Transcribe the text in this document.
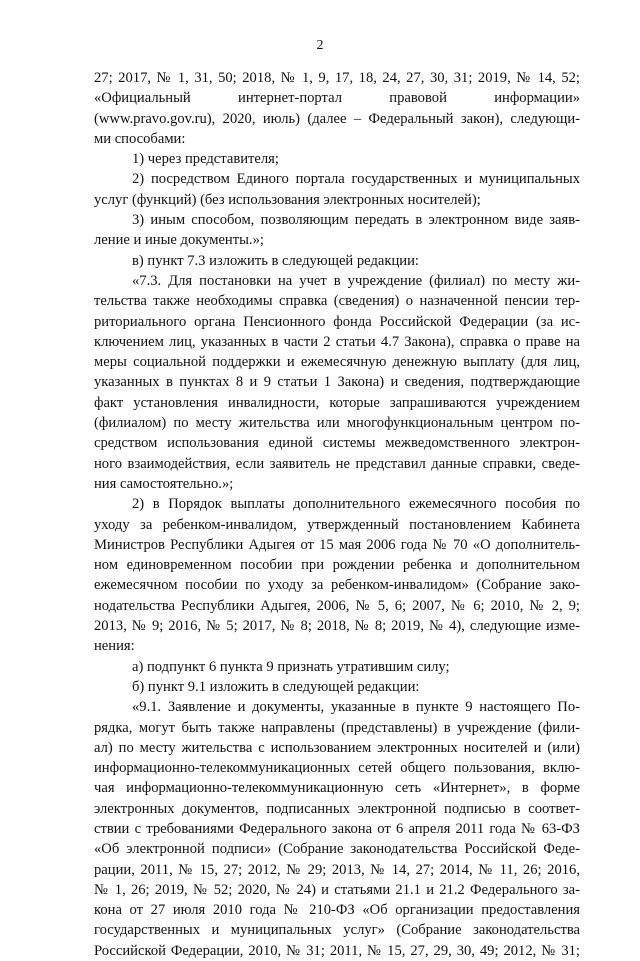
2
27; 2017, № 1, 31, 50; 2018, № 1, 9, 17, 18, 24, 27, 30, 31; 2019, № 14, 52;
«Официальный интернет-портал правовой информации»
(www.pravo.gov.ru), 2020, июль) (далее – Федеральный закон), следующи-
ми способами:
1) через представителя;
2) посредством Единого портала государственных и муниципальных
услуг (функций) (без использования электронных носителей);
3) иным способом, позволяющим передать в электронном виде заяв-
ление и иные документы.»;
в) пункт 7.3 изложить в следующей редакции:
«7.3. Для постановки на учет в учреждение (филиал) по месту жи-
тельства также необходимы справка (сведения) о назначенной пенсии тер-
риториального органа Пенсионного фонда Российской Федерации (за ис-
ключением лиц, указанных в части 2 статьи 4.7 Закона), справка о праве на
меры социальной поддержки и ежемесячную денежную выплату (для лиц,
указанных в пунктах 8 и 9 статьи 1 Закона) и сведения, подтверждающие
факт установления инвалидности, которые запрашиваются учреждением
(филиалом) по месту жительства или многофункциональным центром по-
средством использования единой системы межведомственного электрон-
ного взаимодействия, если заявитель не представил данные справки, сведе-
ния самостоятельно.»;
2) в Порядок выплаты дополнительного ежемесячного пособия по
уходу за ребенком-инвалидом, утвержденный постановлением Кабинета
Министров Республики Адыгея от 15 мая 2006 года № 70 «О дополнитель-
ном единовременном пособии при рождении ребенка и дополнительном
ежемесячном пособии по уходу за ребенком-инвалидом» (Собрание зако-
нодательства Республики Адыгея, 2006, № 5, 6; 2007, № 6; 2010, № 2, 9;
2013, № 9; 2016, № 5; 2017, № 8; 2018, № 8; 2019, № 4), следующие изме-
нения:
а) подпункт 6 пункта 9 признать утратившим силу;
б) пункт 9.1 изложить в следующей редакции:
«9.1. Заявление и документы, указанные в пункте 9 настоящего По-
рядка, могут быть также направлены (представлены) в учреждение (фили-
ал) по месту жительства с использованием электронных носителей и (или)
информационно-телекоммуникационных сетей общего пользования, вклю-
чая информационно-телекоммуникационную сеть «Интернет», в форме
электронных документов, подписанных электронной подписью в соответ-
ствии с требованиями Федерального закона от 6 апреля 2011 года № 63-ФЗ
«Об электронной подписи» (Собрание законодательства Российской Феде-
рации, 2011, № 15, 27; 2012, № 29; 2013, № 14, 27; 2014, № 11, 26; 2016,
№ 1, 26; 2019, № 52; 2020, № 24) и статьями 21.1 и 21.2 Федерального за-
кона от 27 июля 2010 года № 210-ФЗ «Об организации предоставления
государственных и муниципальных услуг» (Собрание законодательства
Российской Федерации, 2010, № 31; 2011, № 15, 27, 29, 30, 49; 2012, № 31;
